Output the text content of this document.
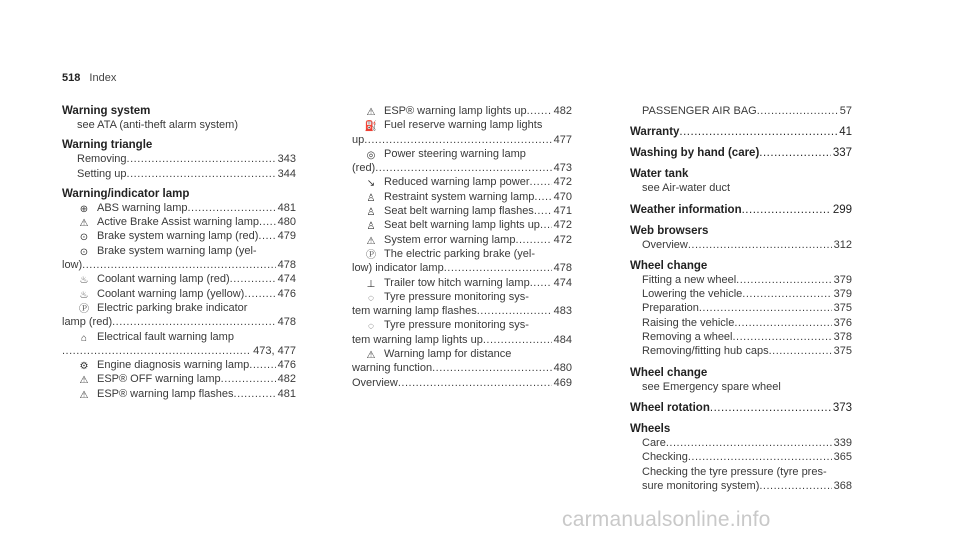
518 Index
Warning system
see ATA (anti-theft alarm system)
Warning triangle
Removing .....	343
Setting up .....	344
Warning/indicator lamp
⊕ ABS warning lamp .....	481
⚠ Active Brake Assist warning lamp ..... 480
⊙ Brake system warning lamp (red) ..... 479
⊙ Brake system warning lamp (yel-
low) .....	478
♨ Coolant warning lamp (red) .....	474
♨ Coolant warning lamp (yellow) .....	476
Ⓟ Electric parking brake indicator
lamp (red) .....	478
⌂ Electrical fault warning lamp
.....
473, 477
⚙ Engine diagnosis warning lamp .....	476
⚠ ESP® OFF warning lamp .....	482
⚠ ESP® warning lamp flashes .....	481
⚠ ESP® warning lamp lights up ..... 482
⛽ Fuel reserve warning lamp lights
up .....	477
◎ Power steering warning lamp
(red) .....	473
↘ Reduced warning lamp power ..... 472
♙ Restraint system warning lamp ..... 470
♙ Seat belt warning lamp flashes ..... 471
♙ Seat belt warning lamp lights up ..... 472
⚠ System error warning lamp .....	472
Ⓟ The electric parking brake (yel-
low) indicator lamp .....	478
⊥ Trailer tow hitch warning lamp ..... 474
◌ Tyre pressure monitoring sys-
tem warning lamp flashes .....	483
◌ Tyre pressure monitoring sys-
tem warning lamp lights up .....	484
⚠ Warning lamp for distance
warning function .....	480
Overview .....	469
PASSENGER AIR BAG .....	57
Warranty .....	41
Washing by hand (care) .....	337
Water tank
see Air-water duct
Weather information .....	299
Web browsers
Overview .....	312
Wheel change
Fitting a new wheel .....	379
Lowering the vehicle .....	379
Preparation .....	375
Raising the vehicle .....	376
Removing a wheel .....	378
Removing/fitting hub caps .....	375
Wheel change
see Emergency spare wheel
Wheel rotation .....	373
Wheels
Care .....	339
Checking .....	365
Checking the tyre pressure (tyre pres-
sure monitoring system) .....	368
carmanualsonline.info
